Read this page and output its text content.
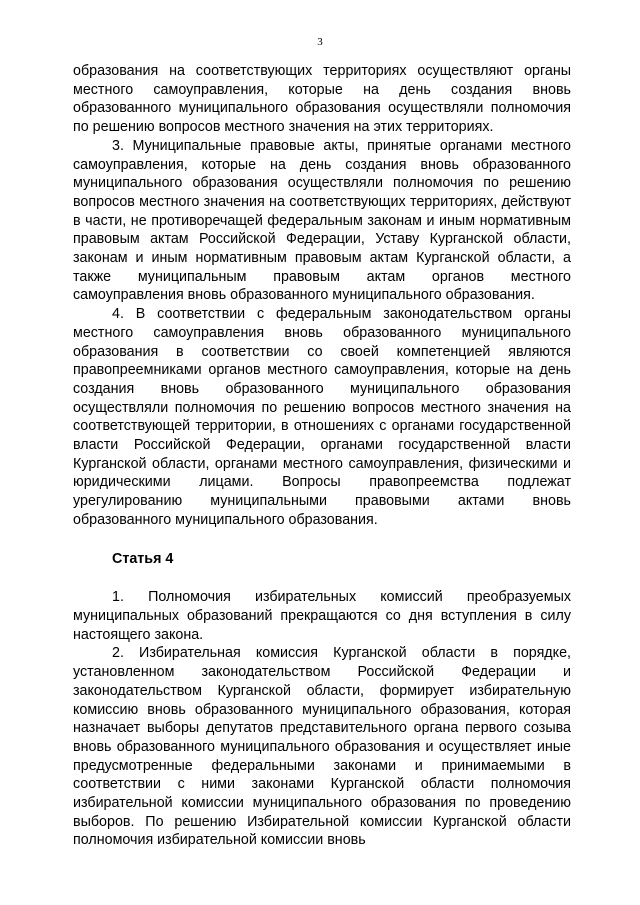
3

образования на соответствующих территориях осуществляют органы местного самоуправления, которые на день создания вновь образованного муниципального образования осуществляли полномочия по решению вопросов местного значения на этих территориях.

3. Муниципальные правовые акты, принятые органами местного самоуправления, которые на день создания вновь образованного муниципального образования осуществляли полномочия по решению вопросов местного значения на соответствующих территориях, действуют в части, не противоречащей федеральным законам и иным нормативным правовым актам Российской Федерации, Уставу Курганской области, законам и иным нормативным правовым актам Курганской области, а также муниципальным правовым актам органов местного самоуправления вновь образованного муниципального образования.

4. В соответствии с федеральным законодательством органы местного самоуправления вновь образованного муниципального образования в соответствии со своей компетенцией являются правопреемниками органов местного самоуправления, которые на день создания вновь образованного муниципального образования осуществляли полномочия по решению вопросов местного значения на соответствующей территории, в отношениях с органами государственной власти Российской Федерации, органами государственной власти Курганской области, органами местного самоуправления, физическими и юридическими лицами. Вопросы правопреемства подлежат урегулированию муниципальными правовыми актами вновь образованного муниципального образования.

Статья 4

1. Полномочия избирательных комиссий преобразуемых муниципальных образований прекращаются со дня вступления в силу настоящего закона.

2. Избирательная комиссия Курганской области в порядке, установленном законодательством Российской Федерации и законодательством Курганской области, формирует избирательную комиссию вновь образованного муниципального образования, которая назначает выборы депутатов представительного органа первого созыва вновь образованного муниципального образования и осуществляет иные предусмотренные федеральными законами и принимаемыми в соответствии с ними законами Курганской области полномочия избирательной комиссии муниципального образования по проведению выборов. По решению Избирательной комиссии Курганской области полномочия избирательной комиссии вновь
